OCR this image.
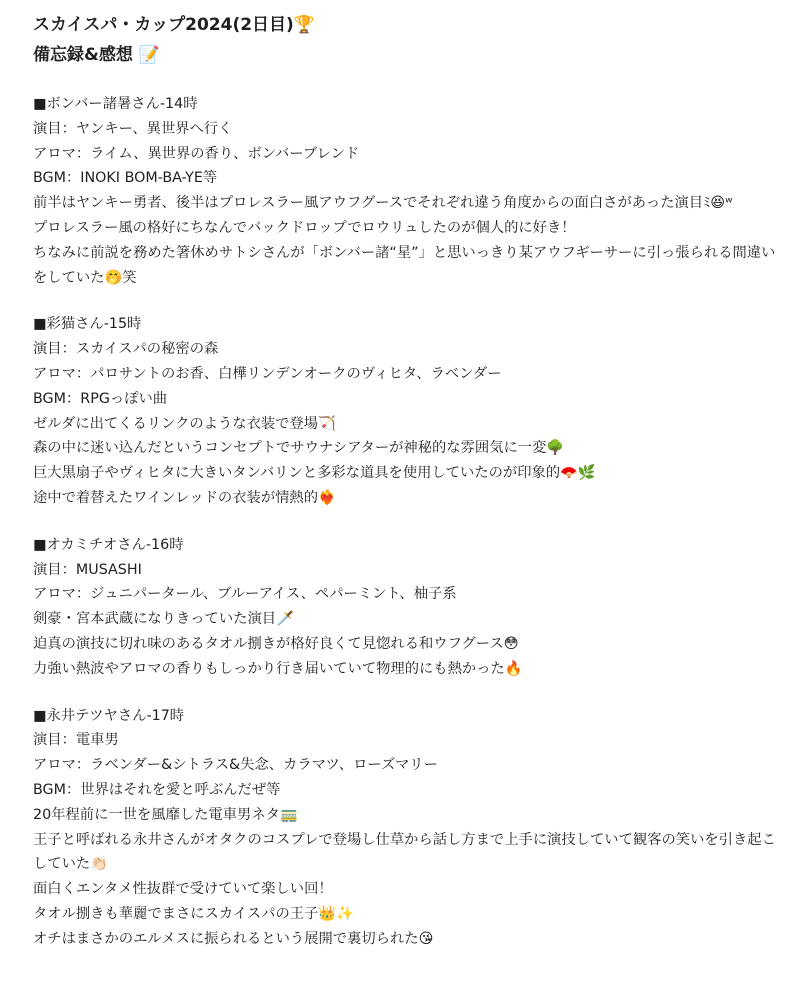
スカイスパ・カップ2024(2日目)🏆
備忘録&感想 📝
■ボンバー諸暑さん-14時
演目：ヤンキー、異世界へ行く
アロマ：ライム、異世界の香り、ボンバーブレンド
BGM：INOKI BOM-BA-YE等
前半はヤンキー勇者、後半はプロレスラー風アウフグースでそれぞれ違う角度からの面白さがあった演目ﾐ😆ʷ
プロレスラー風の格好にちなんでバックドロップでロウリュしたのが個人的に好き！
ちなみに前説を務めた箸休めサトシさんが「ボンバー諸“星”」と思いっきり某アウフギーサーに引っ張られる間違いをしていた🤭笑
■彩猫さん-15時
演目：スカイスパの秘密の森
アロマ：パロサントのお香、白樺リンデンオークのヴィヒタ、ラベンダー
BGM：RPGっぽい曲
ゼルダに出てくるリンクのような衣装で登場🏹
森の中に迷い込んだというコンセプトでサウナシアターが神秘的な雰囲気に一変🌳
巨大黒扇子やヴィヒタに大きいタンバリンと多彩な道具を使用していたのが印象的🪭🌿
途中で着替えたワインレッドの衣装が情熱的❤️‍🔥
■オカミチオさん-16時
演目：MUSASHI
アロマ：ジュニパータール、ブルーアイス、ペパーミント、柚子系
剣豪・宮本武蔵になりきっていた演目🗡️
迫真の演技に切れ味のあるタオル捌きが格好良くて見惚れる和ウフグース😳
力強い熱波やアロマの香りもしっかり行き届いていて物理的にも熱かった🔥
■永井テツヤさん-17時
演目：電車男
アロマ：ラベンダー&シトラス&失念、カラマツ、ローズマリー
BGM：世界はそれを愛と呼ぶんだぜ等
20年程前に一世を風靡した電車男ネタ🚃
王子と呼ばれる永井さんがオタクのコスプレで登場し仕草から話し方まで上手に演技していて観客の笑いを引き起こしていた👏🏻
面白くエンタメ性抜群で受けていて楽しい回！
タオル捌きも華麗でまさにスカイスパの王子👑✨
オチはまさかのエルメスに振られるという展開で裏切られた😘
